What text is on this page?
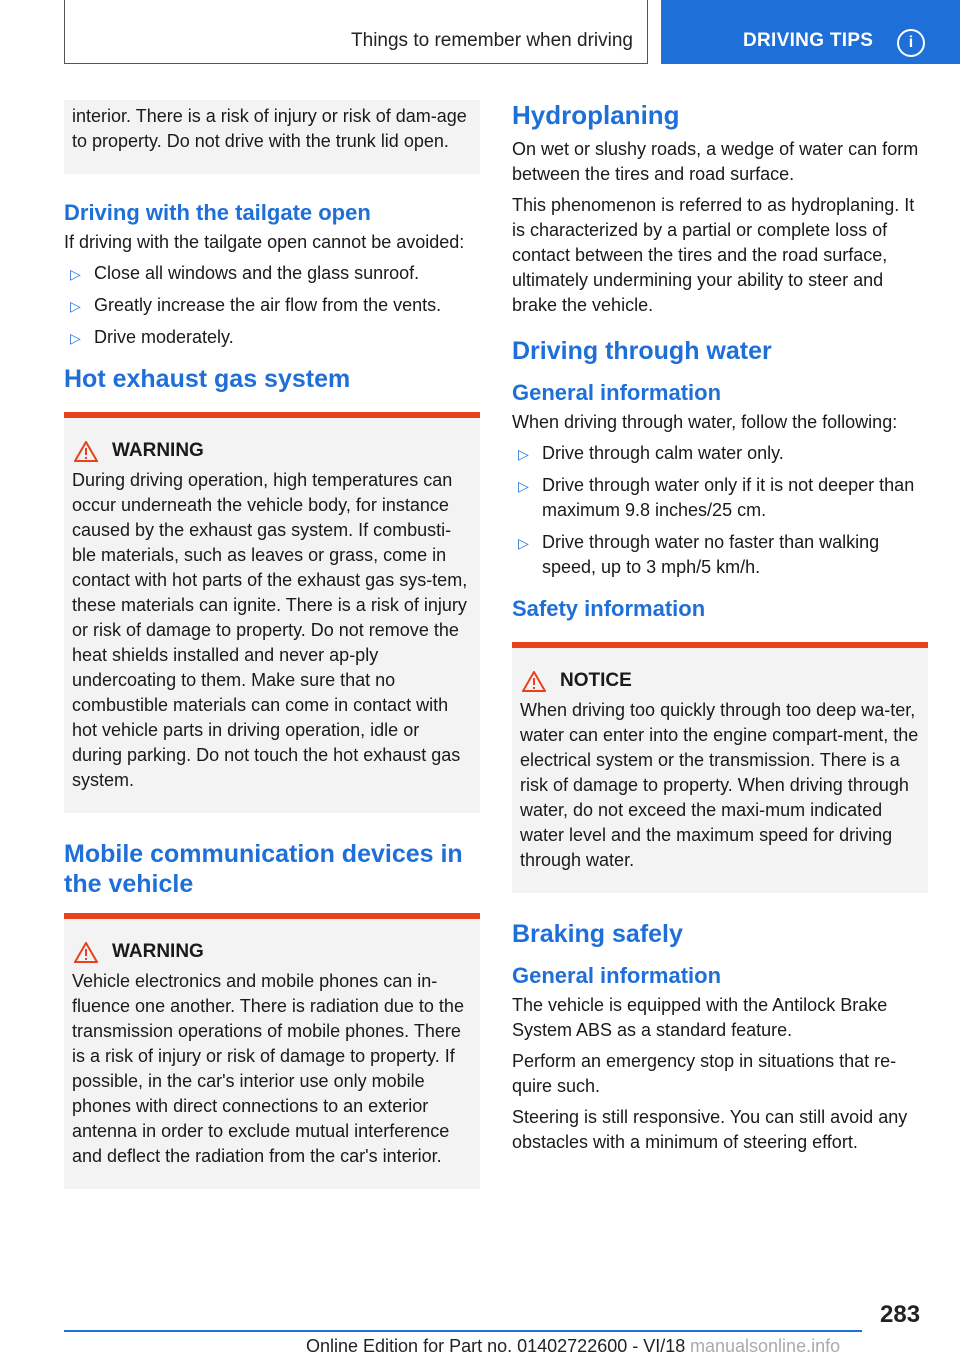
Things to remember when driving	DRIVING TIPS	i

interior. There is a risk of injury or risk of dam‐age to property. Do not drive with the trunk lid open.

Driving with the tailgate open

If driving with the tailgate open cannot be avoided:

▷ Close all windows and the glass sunroof.
▷ Greatly increase the air flow from the vents.
▷ Drive moderately.
Hot exhaust gas system
WARNING

During driving operation, high temperatures can occur underneath the vehicle body, for instance caused by the exhaust gas system. If combusti‐ble materials, such as leaves or grass, come in contact with hot parts of the exhaust gas sys‐tem, these materials can ignite. There is a risk of injury or risk of damage to property. Do not remove the heat shields installed and never ap‐ply undercoating to them. Make sure that no combustible materials can come in contact with hot vehicle parts in driving operation, idle or during parking. Do not touch the hot exhaust gas system.

Mobile communication devices in the vehicle
WARNING

Vehicle electronics and mobile phones can in‐fluence one another. There is radiation due to the transmission operations of mobile phones. There is a risk of injury or risk of damage to property. If possible, in the car's interior use only mobile phones with direct connections to an exterior antenna in order to exclude mutual interference and deflect the radiation from the car's interior.

Hydroplaning

On wet or slushy roads, a wedge of water can form between the tires and road surface.

This phenomenon is referred to as hydroplaning. It is characterized by a partial or complete loss of contact between the tires and the road surface, ultimately undermining your ability to steer and brake the vehicle.

Driving through water
General information

When driving through water, follow the following:

▷ Drive through calm water only.
▷ Drive through water only if it is not deeper than maximum 9.8 inches/25 cm.
▷ Drive through water no faster than walking speed, up to 3 mph/5 km/h.
Safety information
NOTICE

When driving too quickly through too deep wa‐ter, water can enter into the engine compart‐ment, the electrical system or the transmission. There is a risk of damage to property. When driving through water, do not exceed the maxi‐mum indicated water level and the maximum speed for driving through water.

Braking safely
General information

The vehicle is equipped with the Antilock Brake System ABS as a standard feature.

Perform an emergency stop in situations that re‐quire such.

Steering is still responsive. You can still avoid any obstacles with a minimum of steering effort.

283
Online Edition for Part no. 01402722600 - VI/18 manualsonline.info
